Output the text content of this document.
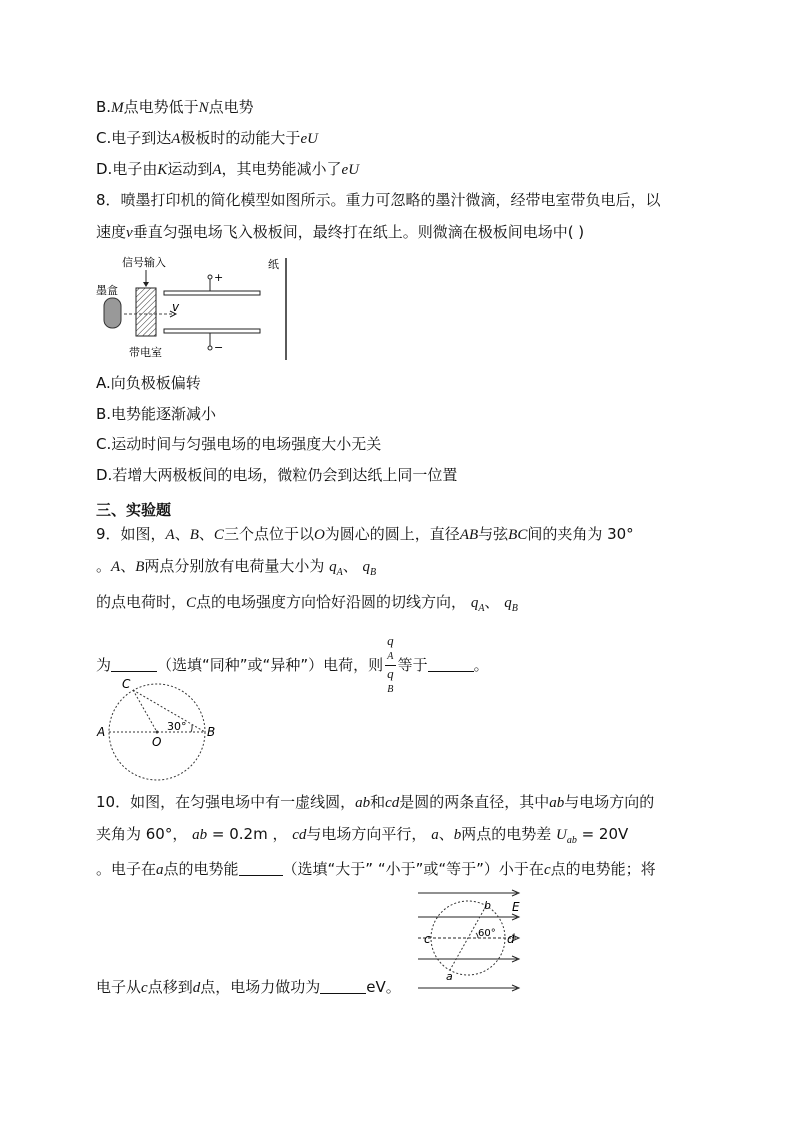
B.M点电势低于N点电势
C.电子到达A极板时的动能大于eU
D.电子由K运动到A，其电势能减小了eU
8．喷墨打印机的简化模型如图所示。重力可忽略的墨汁微滴，经带电室带负电后，以
速度v垂直匀强电场飞入极板间，最终打在纸上。则微滴在极板间电场中( )
信号输入
墨盒
v
+
−
纸
带电室
A.向负极板偏转
B.电势能逐渐减小
C.运动时间与匀强电场的电场强度大小无关
D.若增大两极板间的电场，微粒仍会到达纸上同一位置
三、实验题
9．如图，A、B、C三个点位于以O为圆心的圆上，直径AB与弦BC间的夹角为 30°
。A、B两点分别放有电荷量大小为 $q_A$、 $q_B$
的点电荷时，C点的电场强度方向恰好沿圆的切线方向， $q_A$、 $q_B$
为	（选填“同种”或“异种”）电荷，则 q
A
q
B 等于	。
C
A
O
B
30°
10．如图，在匀强电场中有一虚线圆，ab和cd是圆的两条直径，其中ab与电场方向的
夹角为 60°， ab = 0.2m ， cd与电场方向平行， a、b两点的电势差 $U_{ab} = 20V$
。电子在a点的电势能	（选填“大于” “小于”或“等于”）小于在c点的电势能；将
b E
c	60° d
a
电子从c点移到d点，电场力做功为	eV。
